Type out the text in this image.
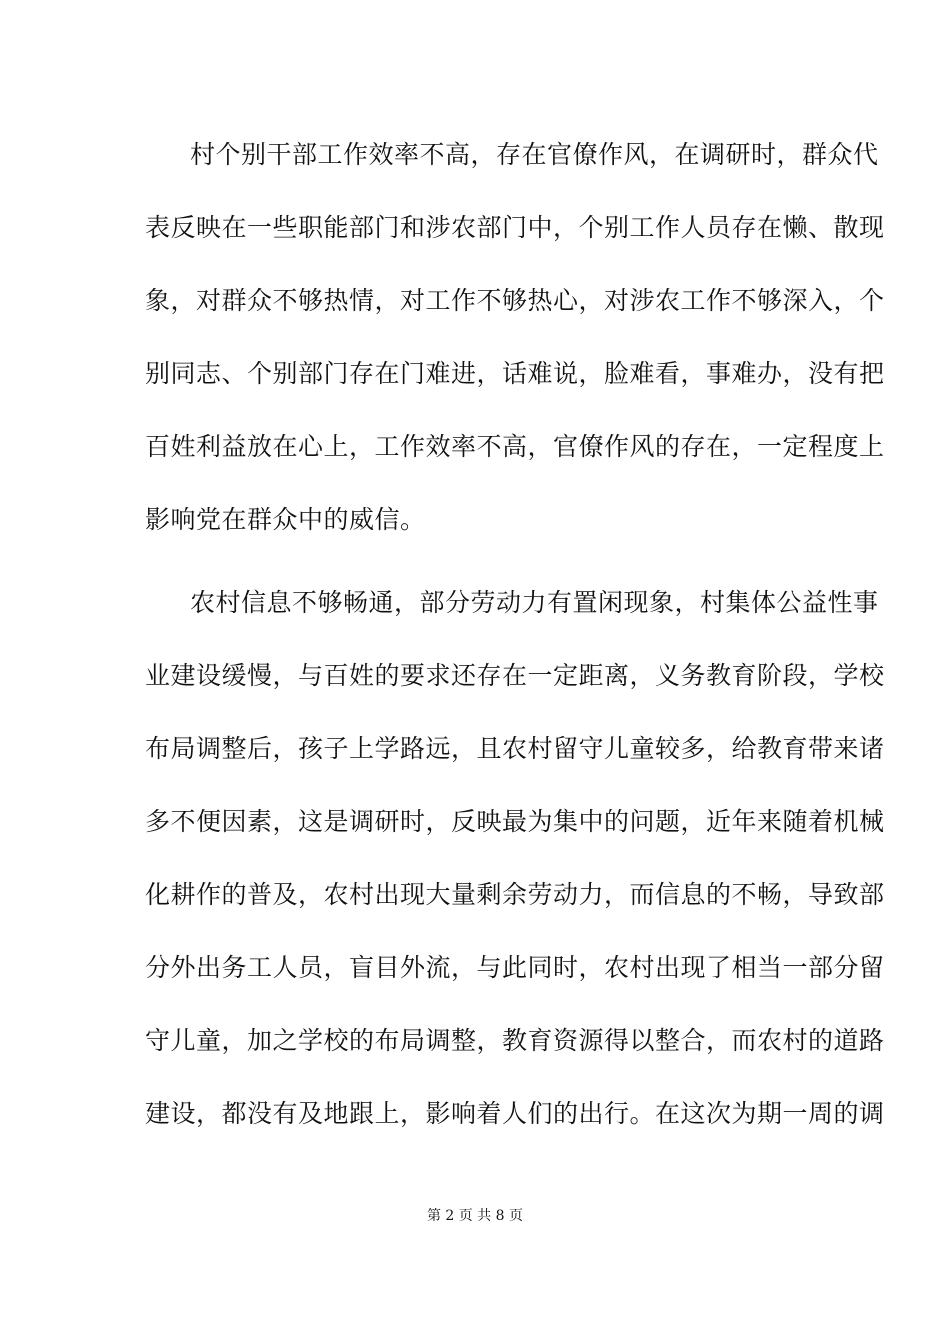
村个别干部工作效率不高，存在官僚作风，在调研时，群众代
表反映在一些职能部门和涉农部门中，个别工作人员存在懒、散现
象，对群众不够热情，对工作不够热心，对涉农工作不够深入，个
别同志、个别部门存在门难进，话难说，脸难看，事难办，没有把
百姓利益放在心上，工作效率不高，官僚作风的存在，一定程度上
影响党在群众中的威信。
农村信息不够畅通，部分劳动力有置闲现象，村集体公益性事
业建设缓慢，与百姓的要求还存在一定距离，义务教育阶段，学校
布局调整后，孩子上学路远，且农村留守儿童较多，给教育带来诸
多不便因素，这是调研时，反映最为集中的问题，近年来随着机械
化耕作的普及，农村出现大量剩余劳动力，而信息的不畅，导致部
分外出务工人员，盲目外流，与此同时，农村出现了相当一部分留
守儿童，加之学校的布局调整，教育资源得以整合，而农村的道路
建设，都没有及地跟上，影响着人们的出行。在这次为期一周的调
第 2 页 共 8 页
